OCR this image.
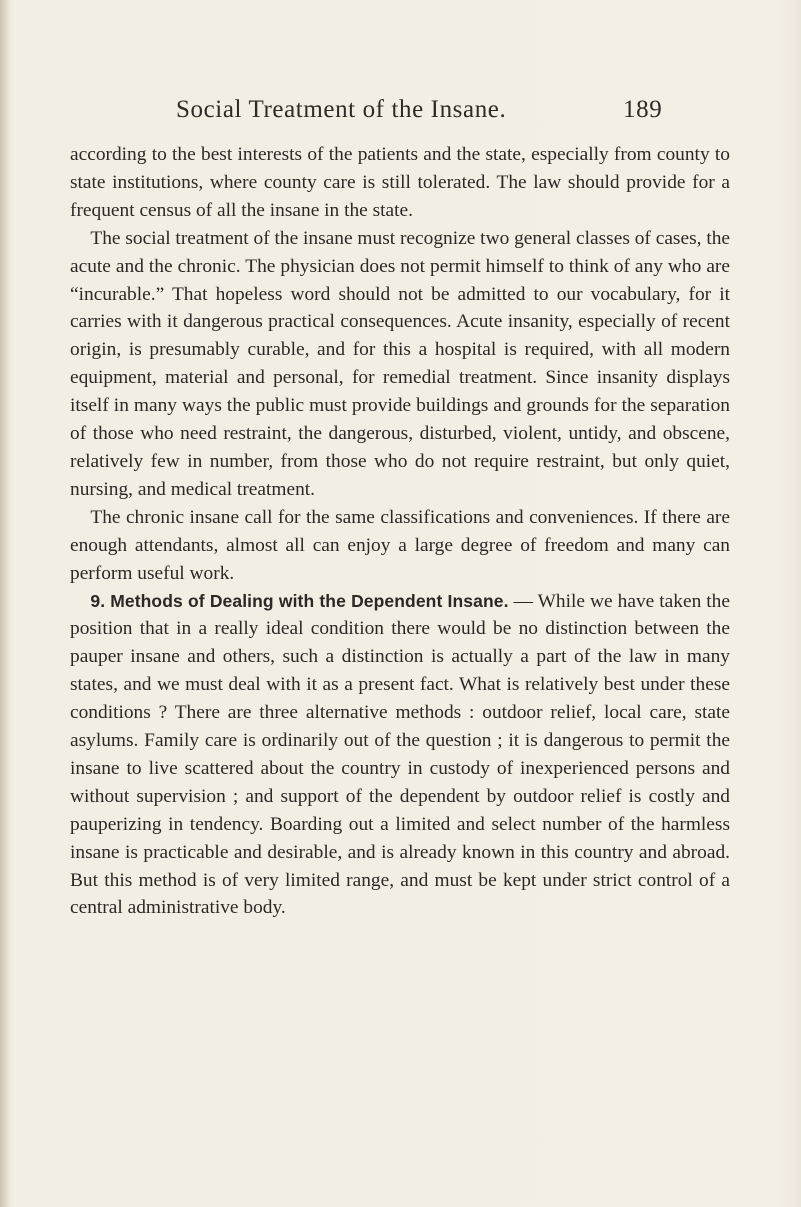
Social Treatment of the Insane.	189

according to the best interests of the patients and the state, especially from county to state institutions, where county care is still tolerated. The law should provide for a frequent census of all the insane in the state.

The social treatment of the insane must recognize two general classes of cases, the acute and the chronic. The physician does not permit himself to think of any who are “incurable.” That hopeless word should not be admitted to our vocabulary, for it carries with it dangerous practical consequences. Acute insanity, especially of recent origin, is presumably curable, and for this a hospital is required, with all modern equipment, material and personal, for remedial treatment. Since insanity displays itself in many ways the public must provide buildings and grounds for the separation of those who need restraint, the dangerous, disturbed, violent, untidy, and obscene, relatively few in number, from those who do not require restraint, but only quiet, nursing, and medical treatment.

The chronic insane call for the same classifications and conveniences. If there are enough attendants, almost all can enjoy a large degree of freedom and many can perform useful work.

9. Methods of Dealing with the Dependent Insane. — While we have taken the position that in a really ideal condition there would be no distinction between the pauper insane and others, such a distinction is actually a part of the law in many states, and we must deal with it as a present fact. What is relatively best under these conditions ? There are three alternative methods : outdoor relief, local care, state asylums. Family care is ordinarily out of the question ; it is dangerous to permit the insane to live scattered about the country in custody of inexperienced persons and without supervision ; and support of the dependent by outdoor relief is costly and pauperizing in tendency. Boarding out a limited and select number of the harmless insane is practicable and desirable, and is already known in this country and abroad. But this method is of very limited range, and must be kept under strict control of a central administrative body.
